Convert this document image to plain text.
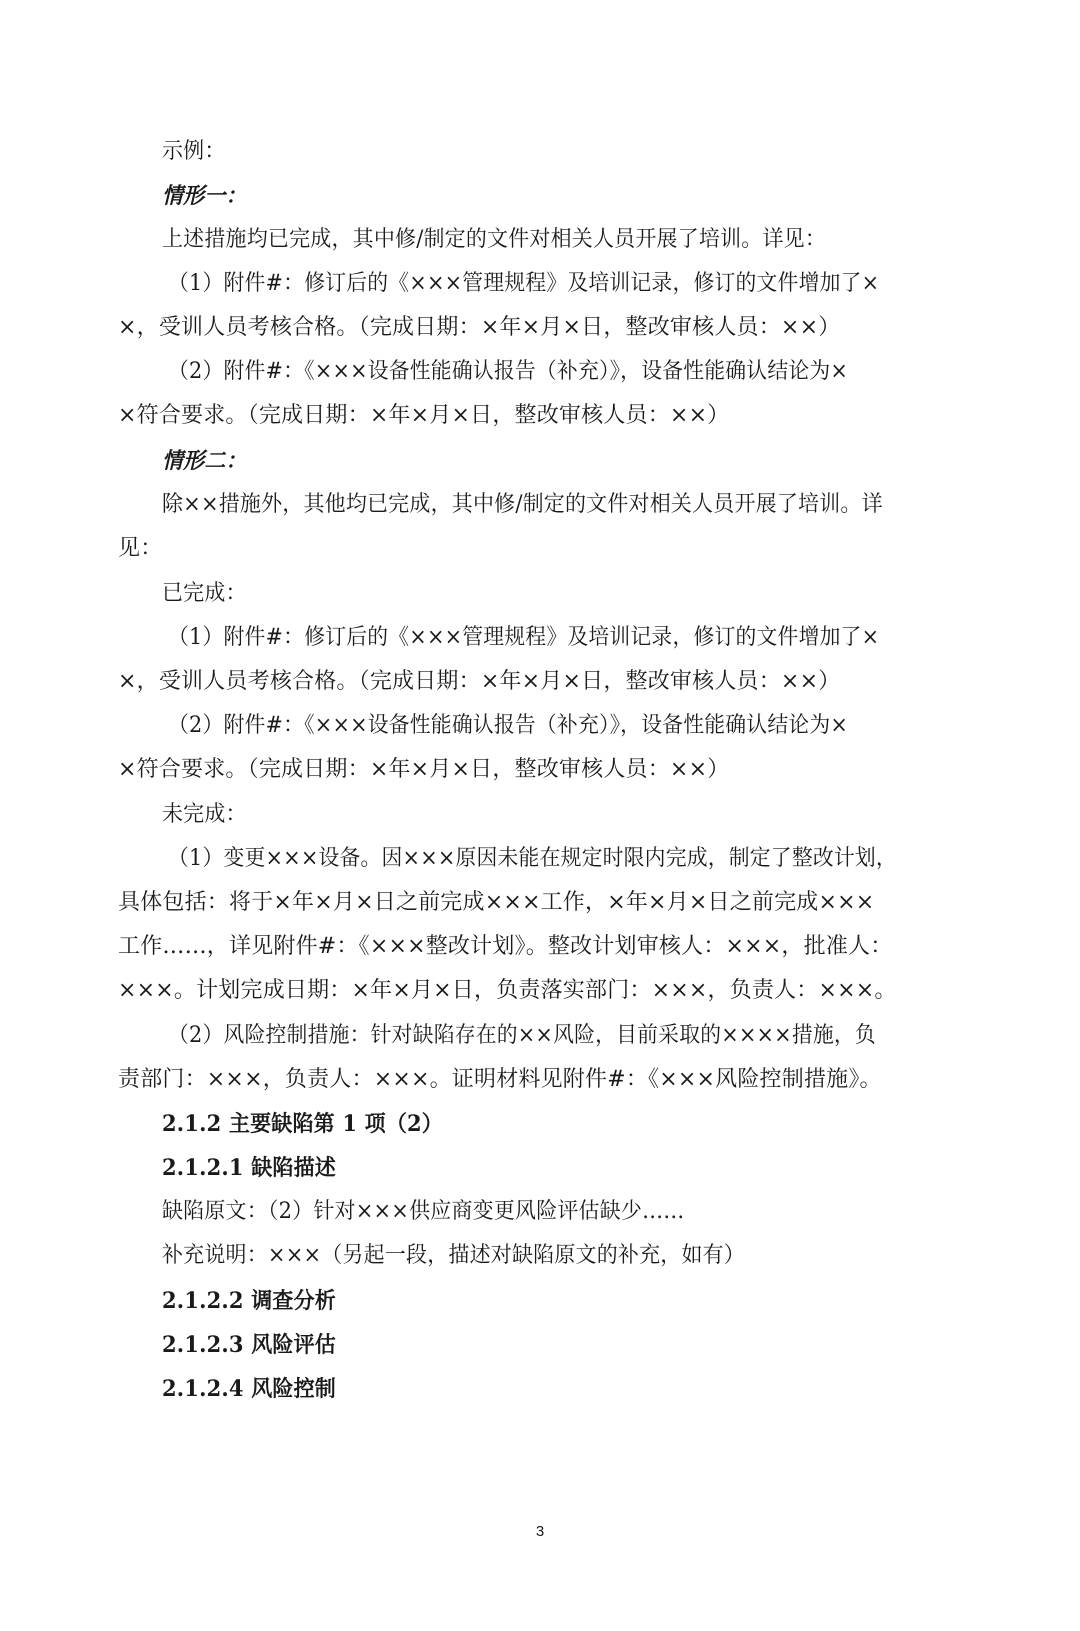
示例：
情形一：
上述措施均已完成，其中修/制定的文件对相关人员开展了培训。详见：
（1）附件#：修订后的《×××管理规程》及培训记录，修订的文件增加了×
×，受训人员考核合格。（完成日期：×年×月×日，整改审核人员：××）
（2）附件#：《×××设备性能确认报告（补充）》，设备性能确认结论为×
×符合要求。（完成日期：×年×月×日，整改审核人员：××）
情形二：
除××措施外，其他均已完成，其中修/制定的文件对相关人员开展了培训。详
见：
已完成：
（1）附件#：修订后的《×××管理规程》及培训记录，修订的文件增加了×
×，受训人员考核合格。（完成日期：×年×月×日，整改审核人员：××）
（2）附件#：《×××设备性能确认报告（补充）》，设备性能确认结论为×
×符合要求。（完成日期：×年×月×日，整改审核人员：××）
未完成：
（1）变更×××设备。因×××原因未能在规定时限内完成，制定了整改计划，
具体包括：将于×年×月×日之前完成×××工作，×年×月×日之前完成×××
工作……，详见附件#：《×××整改计划》。整改计划审核人：×××，批准人：
×××。计划完成日期：×年×月×日，负责落实部门：×××，负责人：×××。
（2）风险控制措施：针对缺陷存在的××风险，目前采取的××××措施，负
责部门：×××，负责人：×××。证明材料见附件#：《×××风险控制措施》。
2.1.2 主要缺陷第 1 项（2）
2.1.2.1 缺陷描述
缺陷原文：（2）针对×××供应商变更风险评估缺少……
补充说明：×××（另起一段，描述对缺陷原文的补充，如有）
2.1.2.2 调查分析
2.1.2.3 风险评估
2.1.2.4 风险控制
3
